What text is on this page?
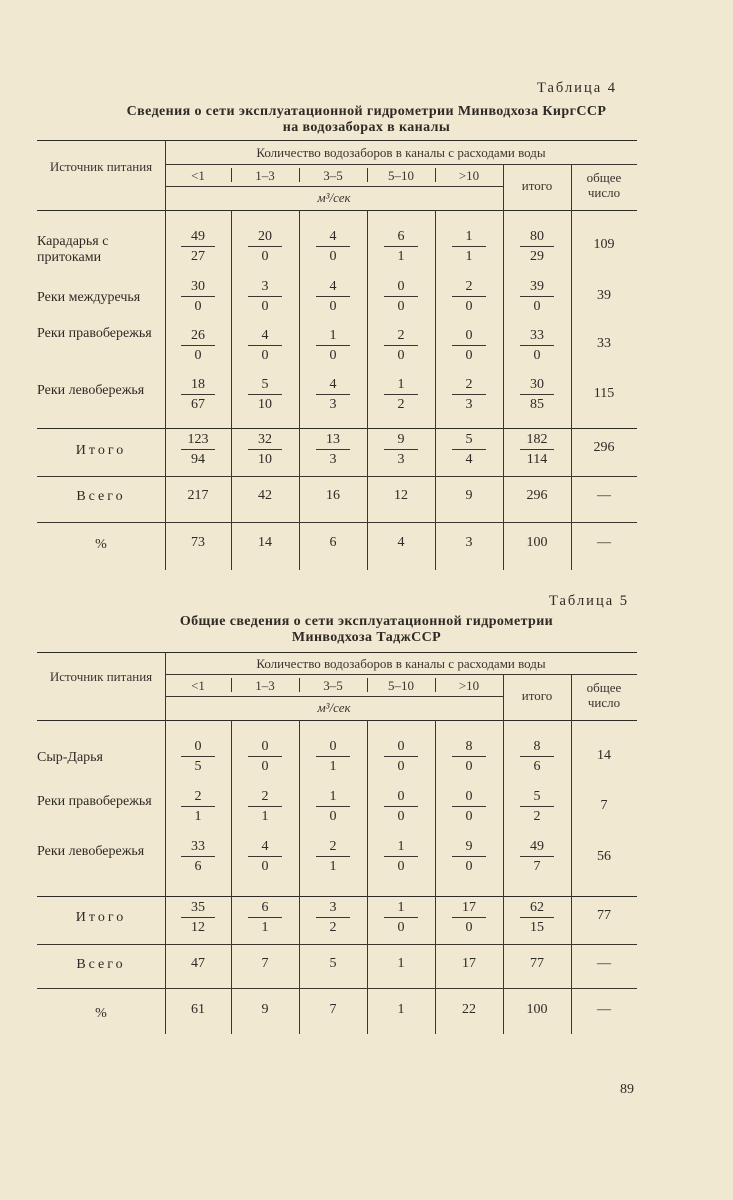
Таблица 4
Сведения о сети эксплуатационной гидрометрии Минводхоза КиргССР
на водозаборах в каналы
Источник питания
Количество водозаборов в каналы с расходами воды
<1	1–3	3–5	5–10	>10
м³/сек
итого
общее число
Карадарья с притоками	$\frac{49}{27} \frac{20}{0} \frac{4}{0} \frac{6}{1} \frac{1}{1} \frac{80}{29}$	109
Реки междуречья	$\frac{30}{0} \frac{3}{0} \frac{4}{0} \frac{0}{0} \frac{2}{0} \frac{39}{0}$	39
Реки правобережья $\frac{26}{0} \frac{4}{0} \frac{1}{0} \frac{2}{0} \frac{0}{0} \frac{33}{0}$	33
Реки левобережья	$\frac{18}{67} \frac{5}{10} \frac{4}{3} \frac{1}{2} \frac{2}{3} \frac{30}{85}$	115
Итого	$\frac{123}{94} \frac{32}{10} \frac{13}{3} \frac{9}{3} \frac{5}{4} \frac{182}{114}$	296
Всего	217	42	16	12	9	296	—
%	73	14	6	4	3	100	—
Таблица 5
Общие сведения о сети эксплуатационной гидрометрии
Минводхоза ТаджССР
Источник питания
Количество водозаборов в каналы с расходами воды
<1	1–3	3–5	5–10	>10
м³/сек
итого
общее число
Сыр-Дарья	$\frac{0}{5} \frac{0}{0} \frac{0}{1} \frac{0}{0} \frac{8}{0} \frac{8}{6}$	14
Реки правобережья $\frac{2}{1} \frac{2}{1} \frac{1}{0} \frac{0}{0} \frac{0}{0} \frac{5}{2}$	7
Реки левобережья	$\frac{33}{6} \frac{4}{0} \frac{2}{1} \frac{1}{0} \frac{9}{0} \frac{49}{7}$	56
Итого	$\frac{35}{12} \frac{6}{1} \frac{3}{2} \frac{1}{0} \frac{17}{0} \frac{62}{15}$	77
Всего	47	7	5	1	17	77	—
%	61	9	7	1	22	100	—
89
